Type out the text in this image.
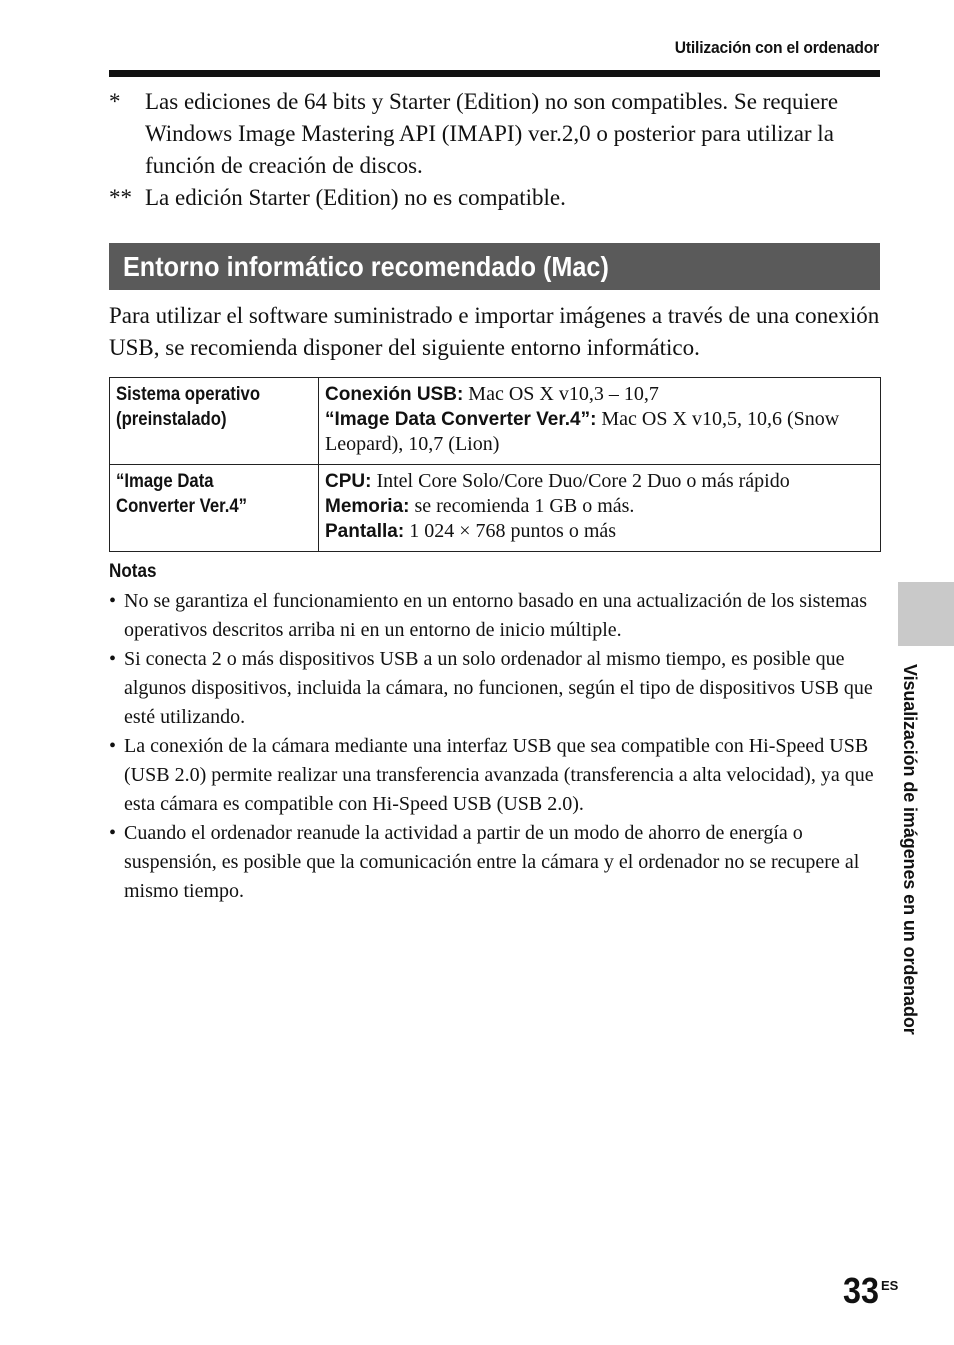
Utilización con el ordenador
*	Las ediciones de 64 bits y Starter (Edition) no son compatibles. Se requiere Windows Image Mastering API (IMAPI) ver.2,0 o posterior para utilizar la función de creación de discos.
** La edición Starter (Edition) no es compatible.
Entorno informático recomendado (Mac)
Para utilizar el software suministrado e importar imágenes a través de una conexión USB, se recomienda disponer del siguiente entorno informático.
Sistema operativo
(preinstalado)	Conexión USB: Mac OS X v10,3 – 10,7
“Image Data Converter Ver.4”: Mac OS X v10,5, 10,6 (Snow Leopard), 10,7 (Lion)
“Image Data
Converter Ver.4”	CPU: Intel Core Solo/Core Duo/Core 2 Duo o más rápido
Memoria: se recomienda 1 GB o más.
Pantalla: 1 024 × 768 puntos o más
Notas
• No se garantiza el funcionamiento en un entorno basado en una actualización de los sistemas operativos descritos arriba ni en un entorno de inicio múltiple.
• Si conecta 2 o más dispositivos USB a un solo ordenador al mismo tiempo, es posible que algunos dispositivos, incluida la cámara, no funcionen, según el tipo de dispositivos USB que esté utilizando.
• La conexión de la cámara mediante una interfaz USB que sea compatible con Hi-Speed USB (USB 2.0) permite realizar una transferencia avanzada (transferencia a alta velocidad), ya que esta cámara es compatible con Hi-Speed USB (USB 2.0).
• Cuando el ordenador reanude la actividad a partir de un modo de ahorro de energía o suspensión, es posible que la comunicación entre la cámara y el ordenador no se recupere al mismo tiempo.	Visualización de imágenes en un ordenador
33 ES
